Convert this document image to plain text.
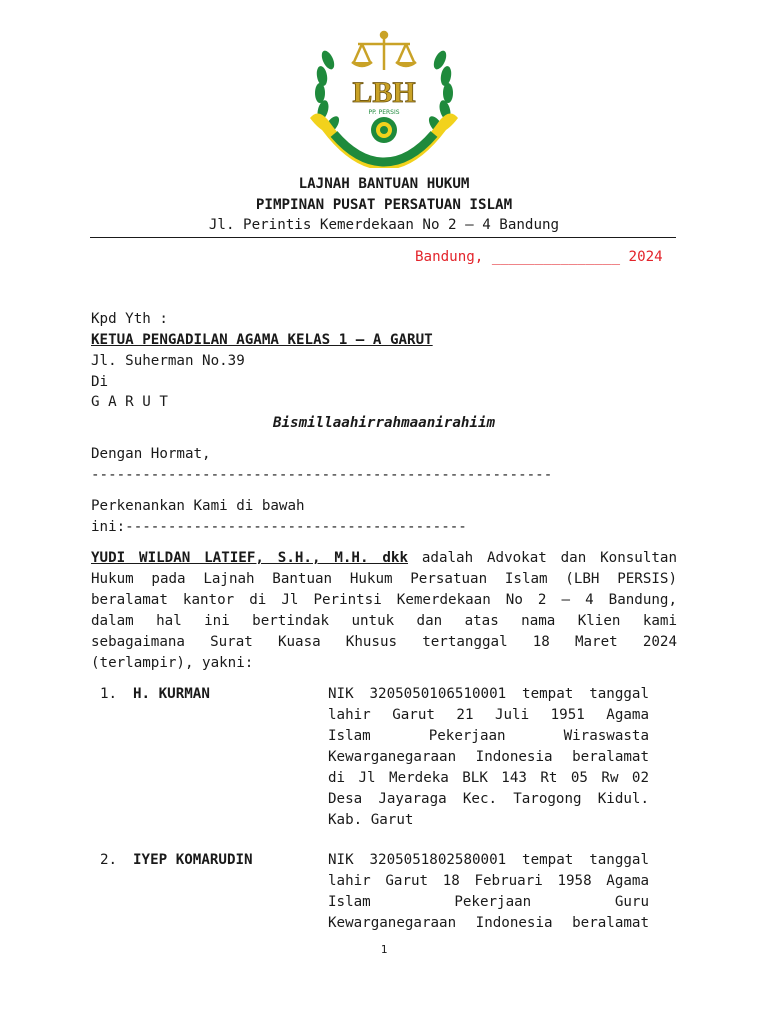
LBH
PP. PERSIS
LAJNAH BANTUAN HUKUM
PIMPINAN PUSAT PERSATUAN ISLAM
Jl. Perintis Kemerdekaan No 2 – 4 Bandung
Bandung, _______________ 2024
Kpd Yth :
KETUA PENGADILAN AGAMA KELAS 1 – A GARUT
Jl. Suherman No.39
Di
G A R U T
Bismillaahirrahmaanirahiim
Dengan Hormat,
------------------------------------------------------
Perkenankan Kami di bawah
ini:----------------------------------------
YUDI WILDAN LATIEF, S.H., M.H. dkk adalah Advokat dan Konsultan
Hukum pada Lajnah Bantuan Hukum Persatuan Islam (LBH PERSIS)
beralamat kantor di Jl Perintsi Kemerdekaan No 2 – 4 Bandung,
dalam hal ini bertindak untuk dan atas nama Klien kami
sebagaimana Surat Kuasa Khusus tertanggal 18 Maret 2024
(terlampir), yakni:
1. H. KURMAN	NIK 3205050106510001 tempat tanggal
lahir Garut 21 Juli 1951 Agama
Islam Pekerjaan Wiraswasta
Kewarganegaraan Indonesia beralamat
di Jl Merdeka BLK 143 Rt 05 Rw 02
Desa Jayaraga Kec. Tarogong Kidul.
Kab. Garut
2. IYEP KOMARUDIN	NIK 3205051802580001 tempat tanggal
lahir Garut 18 Februari 1958 Agama
Islam Pekerjaan Guru
Kewarganegaraan Indonesia beralamat
1
